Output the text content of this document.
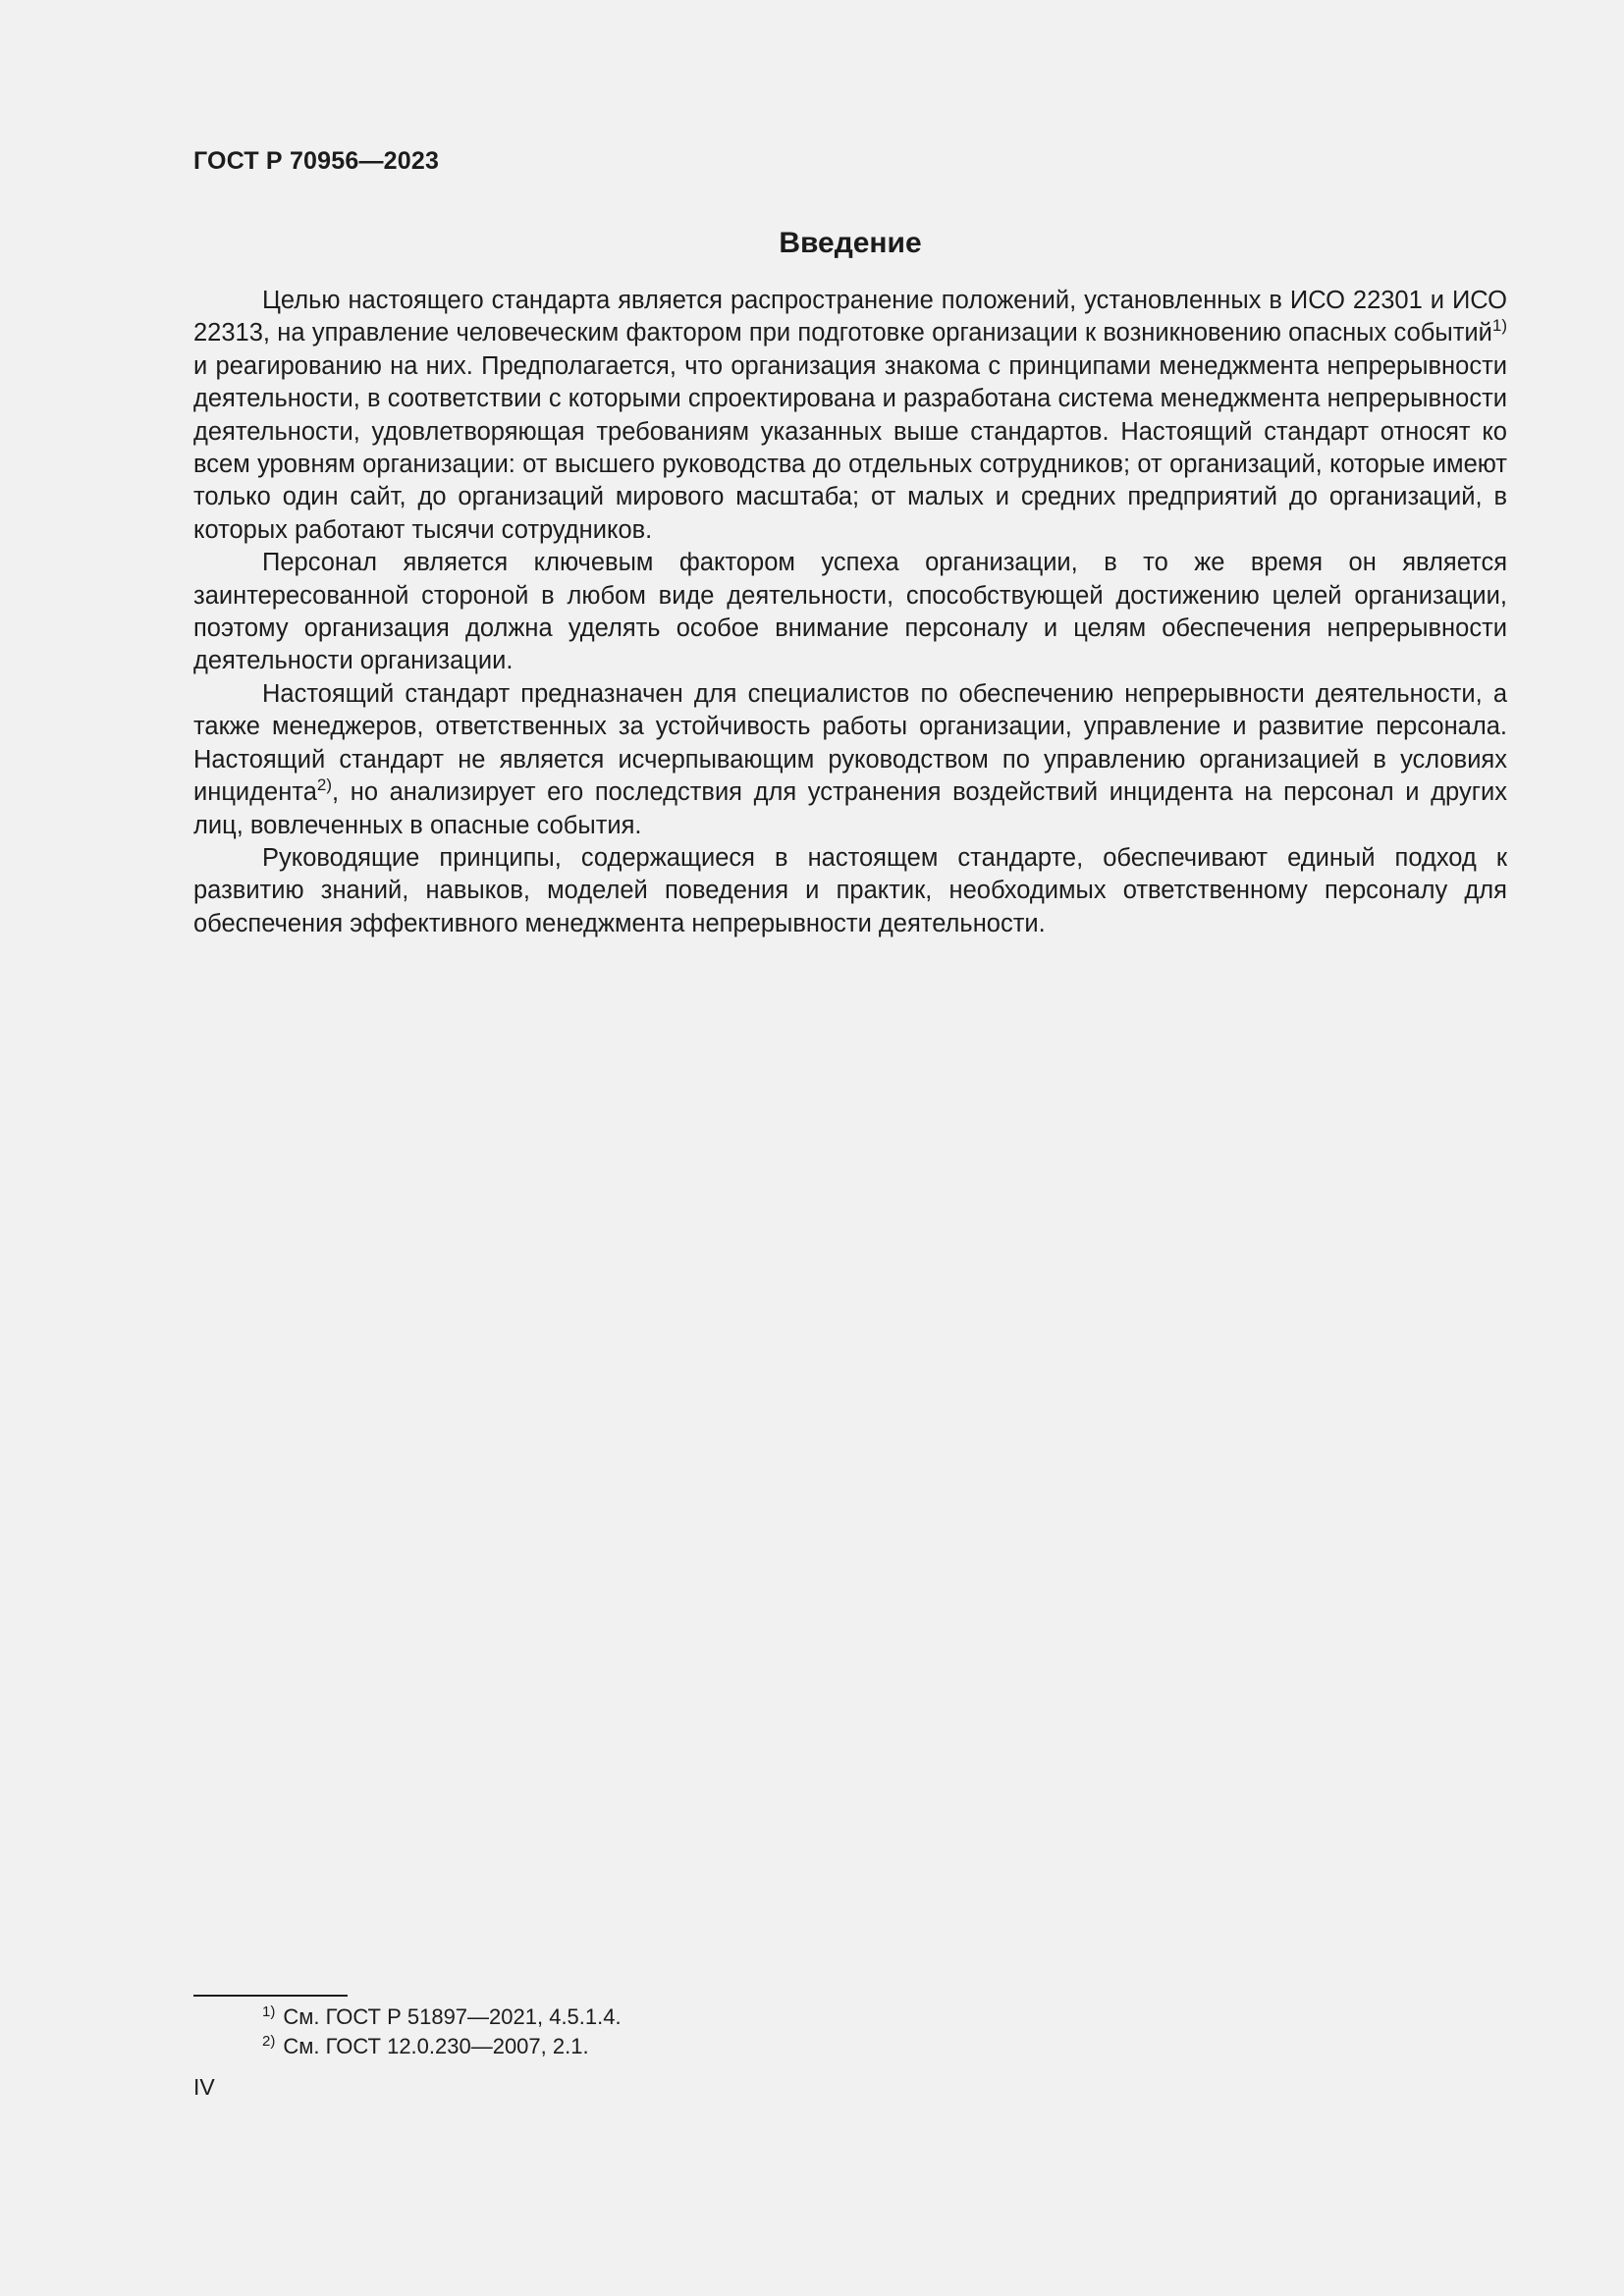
ГОСТ Р 70956—2023
Введение

Целью настоящего стандарта является распространение положений, установленных в ИСО 22301 и ИСО 22313, на управление человеческим фактором при подготовке организации к возникновению опасных событий$^{1)}$ и реагированию на них. Предполагается, что организация знакома с принципами менеджмента непрерывности деятельности, в соответствии с которыми спроектирована и разработана система менеджмента непрерывности деятельности, удовлетворяющая требованиям указанных выше стандартов. Настоящий стандарт относят ко всем уровням организации: от высшего руководства до отдельных сотрудников; от организаций, которые имеют только один сайт, до организаций мирового масштаба; от малых и средних предприятий до организаций, в которых работают тысячи сотрудников.

Персонал является ключевым фактором успеха организации, в то же время он является заинтересованной стороной в любом виде деятельности, способствующей достижению целей организации, поэтому организация должна уделять особое внимание персоналу и целям обеспечения непрерывности деятельности организации.

Настоящий стандарт предназначен для специалистов по обеспечению непрерывности деятельности, а также менеджеров, ответственных за устойчивость работы организации, управление и развитие персонала. Настоящий стандарт не является исчерпывающим руководством по управлению организацией в условиях инцидента$^{2)}$, но анализирует его последствия для устранения воздействий инцидента на персонал и других лиц, вовлеченных в опасные события.

Руководящие принципы, содержащиеся в настоящем стандарте, обеспечивают единый подход к развитию знаний, навыков, моделей поведения и практик, необходимых ответственному персоналу для обеспечения эффективного менеджмента непрерывности деятельности.

$^{1)}$ См. ГОСТ Р 51897—2021, 4.5.1.4.
$^{2)}$ См. ГОСТ 12.0.230—2007, 2.1.
IV
